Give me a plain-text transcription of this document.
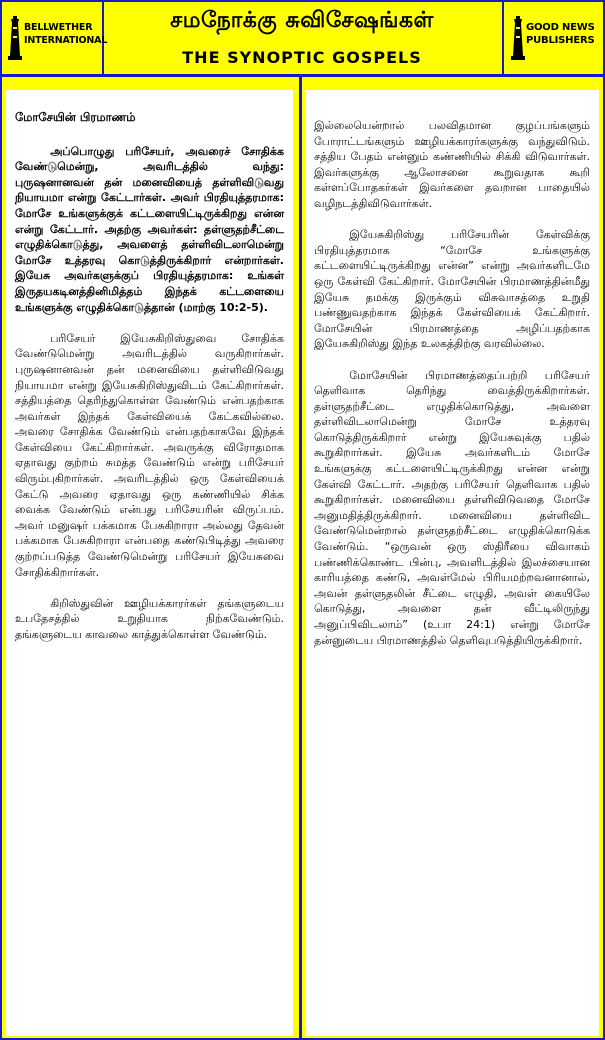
BELLWETHER
INTERNATIONAL
சமநோக்கு சுவிசேஷங்கள்
THE SYNOPTIC GOSPELS
GOOD NEWS
PUBLISHERS
மோசேயின் பிரமாணம்

அப்பொழுது பரிசேயர், அவரைச் சோதிக்க வேண்டுமென்று, அவரிடத்தில் வந்து: புருஷனானவன் தன் மனைவியைத் தள்ளிவிடுவது நியாயமா என்று கேட்டார்கள். அவர் பிரதியுத்தரமாக: மோசே உங்களுக்குக் கட்டளையிட்டிருக்கிறது என்ன என்று கேட்டார். அதற்கு அவர்கள்: தள்ளுதற்சீட்டை எழுதிக்கொடுத்து, அவளைத் தள்ளிவிடலாமென்று மோசே உத்தரவு கொடுத்திருக்கிறார் என்றார்கள். இயேசு அவர்களுக்குப் பிரதியுத்தரமாக: உங்கள் இருதயகடினத்தினிமித்தம் இந்தக் கட்டளையை உங்களுக்கு எழுதிக்கொடுத்தான் (மாற்கு 10:2-5).

பரிசேயர் இயேசுகிறிஸ்துவை சோதிக்க வேண்டுமென்று அவரிடத்தில் வருகிறார்கள். புருஷனானவன் தன் மனைவியை தள்ளிவிடுவது நியாயமா என்று இயேசுகிறிஸ்துவிடம் கேட்கிறார்கள். சத்தியத்தை தெரிந்துகொள்ள வேண்டும் என்பதற்காக அவர்கள் இந்தக் கேள்வியைக் கேட்கவில்லை. அவரை சோதிக்க வேண்டும் என்பதற்காகவே இந்தக் கேள்வியை கேட்கிறார்கள். அவருக்கு விரோதமாக ஏதாவது குற்றம் சுமத்த வேண்டும் என்று பரிசேயர் விரும்புகிறார்கள். அவரிடத்தில் ஒரு கேள்வியைக் கேட்டு அவரை ஏதாவது ஒரு கண்ணியில் சிக்க வைக்க வேண்டும் என்பது பரிசேயரின் விருப்பம். அவர் மனுஷர் பக்கமாக பேசுகிறாரா அல்லது தேவன் பக்கமாக பேசுகிறாரா என்பதை கண்டுபிடித்து அவரை குற்றப்படுத்த வேண்டுமென்று பரிசேயர் இயேசுவை சோதிக்கிறார்கள்.

கிறிஸ்துவின் ஊழியக்காரர்கள் தங்களுடைய உபதேசத்தில் உறுதியாக நிற்கவேண்டும். தங்களுடைய காவலை காத்துக்கொள்ள வேண்டும்.

இல்லையென்றால் பலவிதமான குழப்பங்களும் போராட்டங்களும் ஊழியக்காரர்களுக்கு வந்துவிடும். சத்திய பேதம் என்னும் கண்ணியில் சிக்கி விடுவார்கள். இவர்களுக்கு ஆலோசனை கூறுவதாக கூறி கள்ளப்போதகர்கள் இவர்களை தவறான பாதையில் வழிநடத்திவிடுவார்கள்.

இயேசுகிறிஸ்து பரிசேயரின் கேள்விக்கு பிரதியுத்தரமாக “மோசே உங்களுக்கு கட்டளையிட்டிருக்கிறது என்ன” என்று அவர்களிடமே ஒரு கேள்வி கேட்கிறார். மோசேயின் பிரமாணத்தின்மீது இயேசு தமக்கு இருக்கும் விசுவாசத்தை உறுதி பண்ணுவதற்காக இந்தக் கேள்வியைக் கேட்கிறார். மோசேயின் பிரமாணத்தை அழிப்பதற்காக இயேசுகிறிஸ்து இந்த உலகத்திற்கு வரவில்லை.

மோசேயின் பிரமாணத்தைப்பற்றி பரிசேயர் தெளிவாக தெரிந்து வைத்திருக்கிறார்கள். தள்ளுதற்சீட்டை எழுதிக்கொடுத்து, அவளை தள்ளிவிடலாமென்று மோசே உத்தரவு கொடுத்திருக்கிறார் என்று இயேசுவுக்கு பதில் கூறுகிறார்கள். இயேசு அவர்களிடம் மோசே உங்களுக்கு கட்டளையிட்டிருக்கிறது என்ன என்று கேள்வி கேட்டார். அதற்கு பரிசேயர் தெளிவாக பதில் கூறுகிறார்கள். மனைவியை தள்ளிவிடுவதை மோசே அனுமதித்திருக்கிறார். மனைவியை தள்ளிவிட வேண்டுமென்றால் தள்ளுதற்சீட்டை எழுதிக்கொடுக்க வேண்டும். “ஒருவன் ஒரு ஸ்திரீயை விவாகம் பண்ணிக்கொண்ட பின்பு, அவளிடத்தில் இலச்சையான காரியத்தை கண்டு, அவள்மேல் பிரியமற்றவனானால், அவன் தள்ளுதலின் சீட்டை எழுதி, அவள் கையிலே கொடுத்து, அவளை தன் வீட்டிலிருந்து அனுப்பிவிடலாம்” (உபா 24:1) என்று மோசே தன்னுடைய பிரமாணத்தில் தெளிவுபடுத்தியிருக்கிறார்.
